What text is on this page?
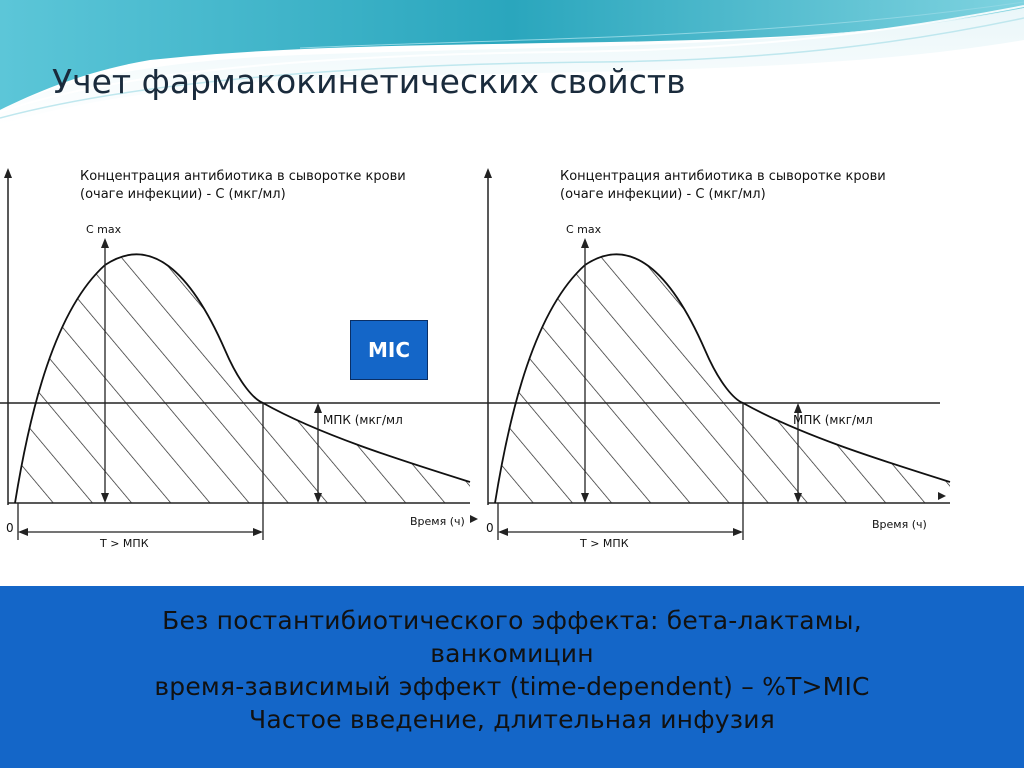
Учет фармакокинетических свойств
Концентрация антибиотика в сыворотке крови
(очаге инфекции) - С (мкг/мл)
C max
МПК (мкг/мл
Время (ч)
0
T > МПК
Концентрация антибиотика в сыворотке крови
(очаге инфекции) - С (мкг/мл)
C max
МПК (мкг/мл
Время (ч)
0
T > МПК
MIC
Без постантибиотического эффекта: бета-лактамы,
ванкомицин
время-зависимый эффект (time-dependent) – %T>MIC
Частое введение, длительная инфузия
